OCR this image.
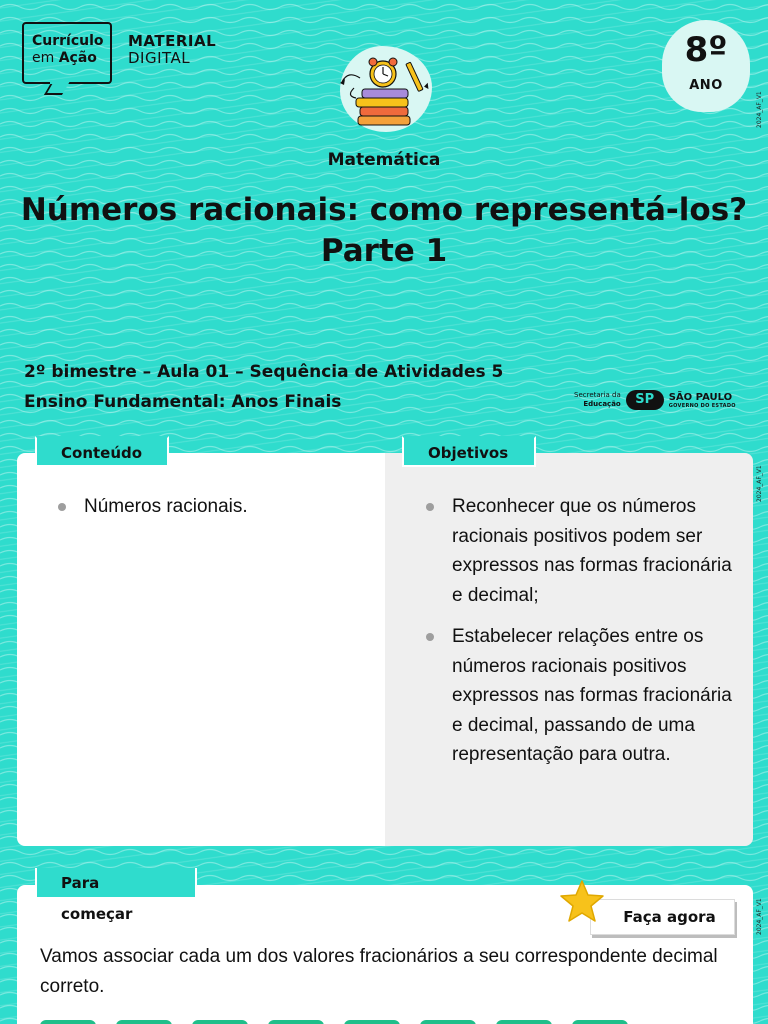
Currículo
em Ação
MATERIAL
DIGITAL	8º
ANO
2024_AF_V1
2024_AF_V1
2024_AF_V1
Matemática
Números racionais: como representá-los?
Parte 1
2º bimestre – Aula 01 – Sequência de Atividades 5
Ensino Fundamental: Anos Finais	Secretaria da
Educação	SP	SÃO PAULO
GOVERNO DO ESTADO
Conteúdo	Objetivos
Números racionais.	Reconhecer que os números racionais positivos podem ser expressos nas formas fracionária e decimal;
Estabelecer relações entre os números racionais positivos expressos nas formas fracionária e decimal, passando de uma representação para outra.
Para começar	Faça agora
Vamos associar cada um dos valores fracionários a seu correspondente decimal correto.
